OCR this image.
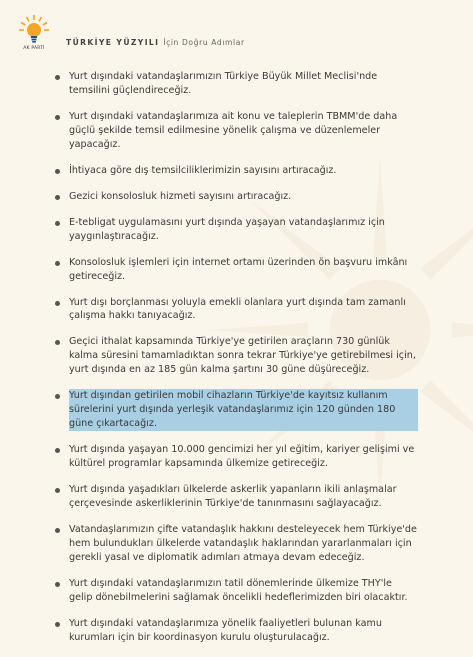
AK PARTİ
TÜRKİYE YÜZYILI İçin Doğru Adımlar
Yurt dışındaki vatandaşlarımızın Türkiye Büyük Millet Meclisi'nde temsilini güçlendireceğiz.
Yurt dışındaki vatandaşlarımıza ait konu ve taleplerin TBMM'de daha güçlü şekilde temsil edilmesine yönelik çalışma ve düzenlemeler yapacağız.
İhtiyaca göre dış temsilciliklerimizin sayısını artıracağız.
Gezici konsolosluk hizmeti sayısını artıracağız.
E-tebligat uygulamasını yurt dışında yaşayan vatandaşlarımız için yaygınlaştıracağız.
Konsolosluk işlemleri için internet ortamı üzerinden ön başvuru imkânı getireceğiz.
Yurt dışı borçlanması yoluyla emekli olanlara yurt dışında tam zamanlı çalışma hakkı tanıyacağız.
Geçici ithalat kapsamında Türkiye'ye getirilen araçların 730 günlük kalma süresini tamamladıktan sonra tekrar Türkiye'ye getirebilmesi için, yurt dışında en az 185 gün kalma şartını 30 güne düşüreceğiz.
Yurt dışından getirilen mobil cihazların Türkiye'de kayıtsız kullanım sürelerini yurt dışında yerleşik vatandaşlarımız için 120 günden 180 güne çıkartacağız.
Yurt dışında yaşayan 10.000 gencimizi her yıl eğitim, kariyer gelişimi ve kültürel programlar kapsamında ülkemize getireceğiz.
Yurt dışında yaşadıkları ülkelerde askerlik yapanların ikili anlaşmalar çerçevesinde askerliklerinin Türkiye'de tanınmasını sağlayacağız.
Vatandaşlarımızın çifte vatandaşlık hakkını desteleyecek hem Türkiye'de hem bulundukları ülkelerde vatandaşlık haklarından yararlanmaları için gerekli yasal ve diplomatik adımları atmaya devam edeceğiz.
Yurt dışındaki vatandaşlarımızın tatil dönemlerinde ülkemize THY'le gelip dönebilmelerini sağlamak öncelikli hedeflerimizden biri olacaktır.
Yurt dışındaki vatandaşlarımıza yönelik faaliyetleri bulunan kamu kurumları için bir koordinasyon kurulu oluşturulacağız.
